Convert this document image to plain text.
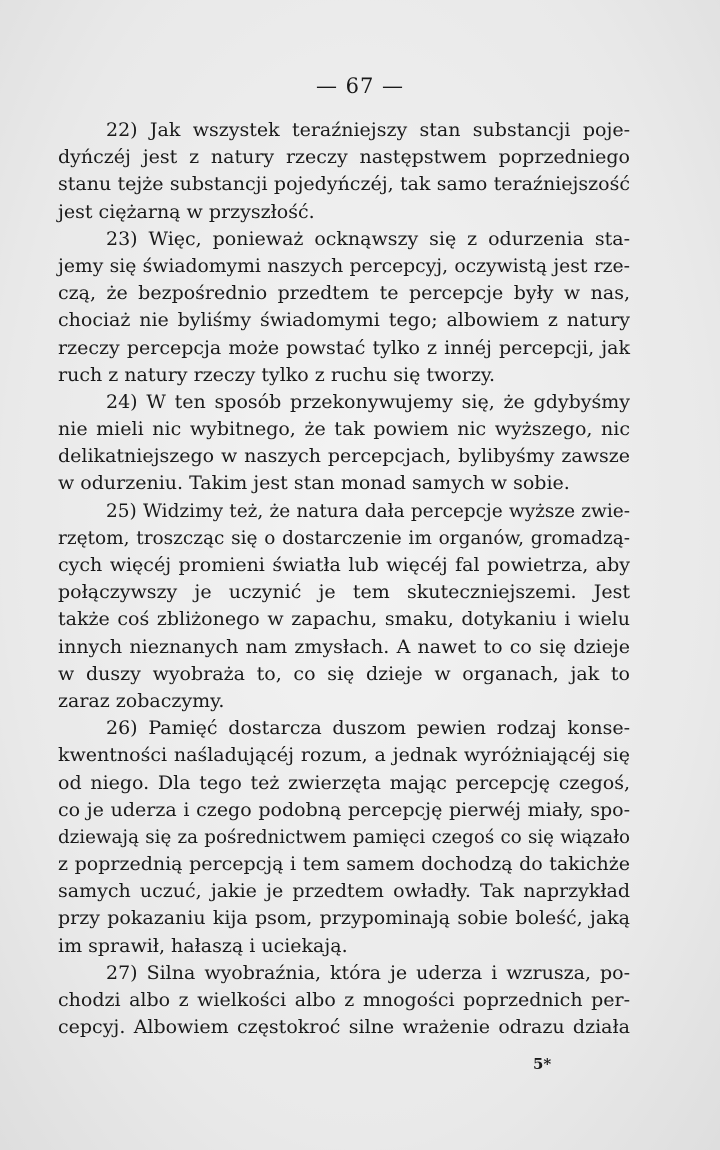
— 67 —
22) Jak wszystek teraźniejszy stan substancji poje-
dyńczéj jest z natury rzeczy następstwem poprzedniego
stanu tejże substancji pojedyńczéj, tak samo teraźniejszość
jest ciężarną w przyszłość.
23) Więc, ponieważ ocknąwszy się z odurzenia sta-
jemy się świadomymi naszych percepcyj, oczywistą jest rze-
czą, że bezpośrednio przedtem te percepcje były w nas,
chociaż nie byliśmy świadomymi tego; albowiem z natury
rzeczy percepcja może powstać tylko z innéj percepcji, jak
ruch z natury rzeczy tylko z ruchu się tworzy.
24) W ten sposób przekonywujemy się, że gdybyśmy
nie mieli nic wybitnego, że tak powiem nic wyższego, nic
delikatniejszego w naszych percepcjach, bylibyśmy zawsze
w odurzeniu. Takim jest stan monad samych w sobie.
25) Widzimy też, że natura dała percepcje wyższe zwie-
rzętom, troszcząc się o dostarczenie im organów, gromadzą-
cych więcéj promieni światła lub więcéj fal powietrza, aby
połączywszy je uczynić je tem skuteczniejszemi. Jest
także coś zbliżonego w zapachu, smaku, dotykaniu i wielu
innych nieznanych nam zmysłach. A nawet to co się dzieje
w duszy wyobraża to, co się dzieje w organach, jak to
zaraz zobaczymy.
26) Pamięć dostarcza duszom pewien rodzaj konse-
kwentności naśladującéj rozum, a jednak wyróżniającéj się
od niego. Dla tego też zwierzęta mając percepcję czegoś,
co je uderza i czego podobną percepcję pierwéj miały, spo-
dziewają się za pośrednictwem pamięci czegoś co się wiązało
z poprzednią percepcją i tem samem dochodzą do takichże
samych uczuć, jakie je przedtem owładły. Tak naprzykład
przy pokazaniu kija psom, przypominają sobie boleść, jaką
im sprawił, hałaszą i uciekają.
27) Silna wyobraźnia, która je uderza i wzrusza, po-
chodzi albo z wielkości albo z mnogości poprzednich per-
cepcyj. Albowiem częstokroć silne wrażenie odrazu działa
5*
